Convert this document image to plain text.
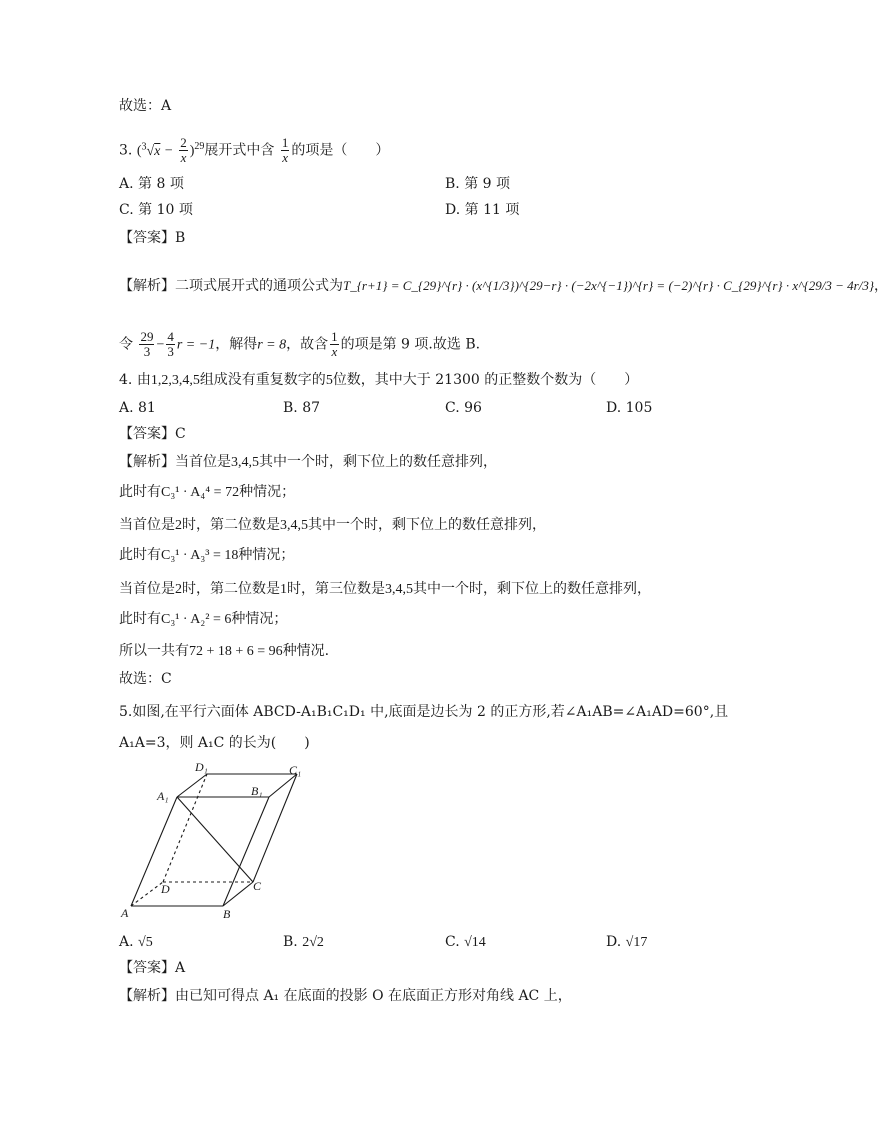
故选：A
3. $(^3√x - \frac{2}{x} )^{29}$展开式中含 $\frac{1}{x}$ 的项是（　　）
A. 第 8 项	B. 第 9 项
C. 第 10 项	D. 第 11 项
【答案】B
【解析】二项式展开式的通项公式为T_{r+1} = C_{29}^{r} · (x^{1/3})^{29−r} · (−2x^{−1})^{r} = (−2)^{r} · C_{29}^{r} · x^{29/3 − 4r/3}，
令 $\frac{29}{3} - \frac{4}{3}$ r = −1，解得r = 8，故含 $\frac{1}{x}$ 的项是第 9 项.故选 B.
4. 由1,2,3,4,5组成没有重复数字的5位数，其中大于 21300 的正整数个数为（　　）
A. 81	B. 87	C. 96	D. 105
【答案】C
【解析】当首位是3,4,5其中一个时，剩下位上的数任意排列，
此时有C₃¹ · A₄⁴ = 72种情况；
当首位是2时，第二位数是3,4,5其中一个时，剩下位上的数任意排列，
此时有C₃¹ · A₃³ = 18种情况；
当首位是2时，第二位数是1时，第三位数是3,4,5其中一个时，剩下位上的数任意排列，
此时有C₃¹ · A₂² = 6种情况；
所以一共有72 + 18 + 6 = 96种情况.
故选：C
5.如图,在平行六面体 ABCD-A₁B₁C₁D₁ 中,底面是边长为 2 的正方形,若∠A₁AB=∠A₁AD=60°,且
A₁A=3，则 A₁C 的长为(　　)
A	B
C
D
A₁	B₁
C₁
D₁
A. √5	B. 2√2	C. √14	D. √17
【答案】A
【解析】由已知可得点 A₁ 在底面的投影 O 在底面正方形对角线 AC 上，
